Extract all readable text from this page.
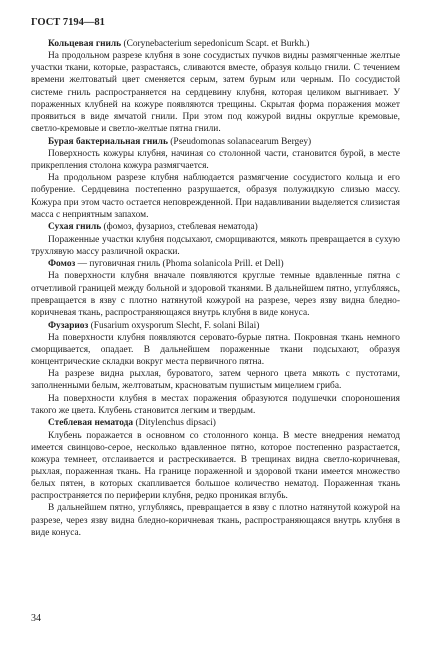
ГОСТ 7194—81

Кольцевая гниль (Corynebacterium sepedonicum Scapt. et Burkh.)

На продольном разрезе клубня в зоне сосудистых пучков видны размягченные желтые участки ткани, которые, разрастаясь, сливаются вместе, образуя кольцо гнили. С течением времени желтоватый цвет сменяется серым, затем бурым или черным. По сосудистой системе гниль распространяется на сердцевину клубня, которая целиком выгнивает. У пораженных клубней на кожуре появляются трещины. Скрытая форма поражения может проявиться в виде ямчатой гнили. При этом под кожурой видны округлые кремовые, светло-кремовые и светло-желтые пятна гнили.

Бурая бактериальная гниль (Pseudomonas solanacearum Bergey)

Поверхность кожуры клубня, начиная со столонной части, становится бурой, в месте прикрепления столона кожура размягчается.

На продольном разрезе клубня наблюдается размягчение сосудистого кольца и его побурение. Сердцевина постепенно разрушается, образуя полужидкую слизью массу. Кожура при этом часто остается неповрежденной. При надавливании выделяется слизистая масса с неприятным запахом.

Сухая гниль (фомоз, фузариоз, стеблевая нематода)

Пораженные участки клубня подсыхают, сморщиваются, мякоть превращается в сухую трухлявую массу различной окраски.

Фомоз — пуговичная гниль (Phoma solanicola Prill. et Dell)

На поверхности клубня вначале появляются круглые темные вдавленные пятна с отчетливой границей между больной и здоровой тканями. В дальнейшем пятно, углубляясь, превращается в язву с плотно натянутой кожурой на разрезе, через язву видна бледно-коричневая ткань, распространяющаяся внутрь клубня в виде конуса.

Фузариоз (Fusarium oxysporum Slecht, F. solani Bilai)

На поверхности клубня появляются серовато-бурые пятна. Покровная ткань немного сморщивается, опадает. В дальнейшем пораженные ткани подсыхают, образуя концентрические складки вокруг места первичного пятна.

На разрезе видна рыхлая, буроватого, затем черного цвета мякоть с пустотами, заполненными белым, желтоватым, красноватым пушистым мицелием гриба.

На поверхности клубня в местах поражения образуются подушечки спороношения такого же цвета. Клубень становится легким и твердым.

Стеблевая нематода (Ditylenchus dipsaci)

Клубень поражается в основном со столонного конца. В месте внедрения нематод имеется свинцово-серое, несколько вдавленное пятно, которое постепенно разрастается, кожура темнеет, отслаивается и растрескивается. В трещинах видна светло-коричневая, рыхлая, пораженная ткань. На границе пораженной и здоровой ткани имеется множество белых пятен, в которых скапливается большое количество нематод. Пораженная ткань распространяется по периферии клубня, редко проникая вглубь.

В дальнейшем пятно, углубляясь, превращается в язву с плотно натянутой кожурой на разрезе, через язву видна бледно-коричневая ткань, распространяющаяся внутрь клубня в виде конуса.

34
